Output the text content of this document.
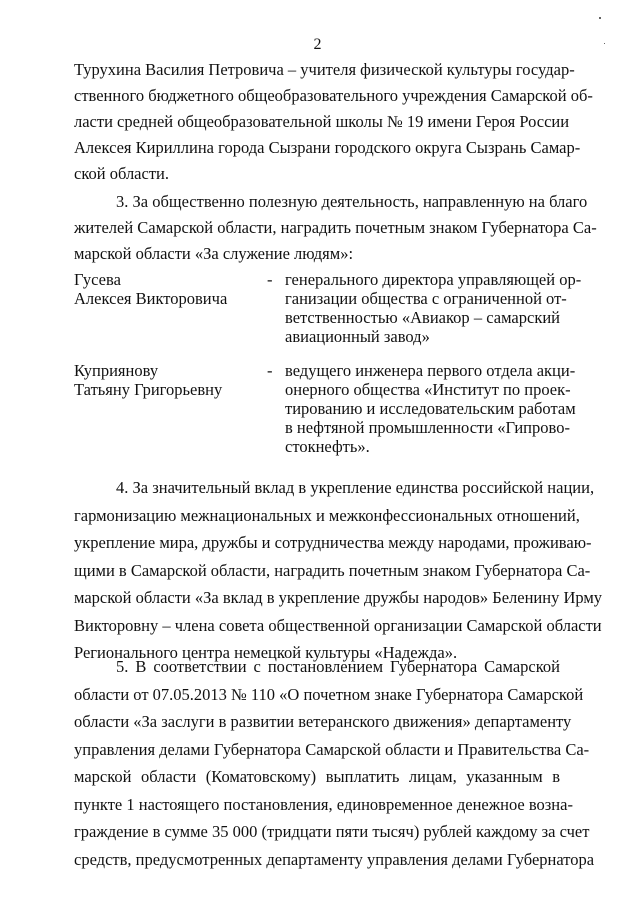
2
Турухина Василия Петровича – учителя физической культуры государ-
ственного бюджетного общеобразовательного учреждения Самарской об-
ласти средней общеобразовательной школы № 19 имени Героя России
Алексея Кириллина города Сызрани городского округа Сызрань Самар-
ской области.
3. За общественно полезную деятельность, направленную на благо
жителей Самарской области, наградить почетным знаком Губернатора Са-
марской области «За служение людям»:
Гусева
Алексея Викторовича
- генерального директора управляющей ор-
ганизации общества с ограниченной от-
ветственностью «Авиакор – самарский
авиационный завод»
Куприянову
Татьяну Григорьевну
- ведущего инженера первого отдела акци-
онерного общества «Институт по проек-
тированию и исследовательским работам
в нефтяной промышленности «Гипрово-
стокнефть».
4. За значительный вклад в укрепление единства российской нации,
гармонизацию межнациональных и межконфессиональных отношений,
укрепление мира, дружбы и сотрудничества между народами, проживаю-
щими в Самарской области, наградить почетным знаком Губернатора Са-
марской области «За вклад в укрепление дружбы народов» Беленину Ирму
Викторовну – члена совета общественной организации Самарской области
Регионального центра немецкой культуры «Надежда».
5. В соответствии с постановлением Губернатора Самарской
области от 07.05.2013 № 110 «О почетном знаке Губернатора Самарской
области «За заслуги в развитии ветеранского движения» департаменту
управления делами Губернатора Самарской области и Правительства Са-
марской области (Коматовскому) выплатить лицам, указанным в
пункте 1 настоящего постановления, единовременное денежное возна-
граждение в сумме 35 000 (тридцати пяти тысяч) рублей каждому за счет
средств, предусмотренных департаменту управления делами Губернатора
